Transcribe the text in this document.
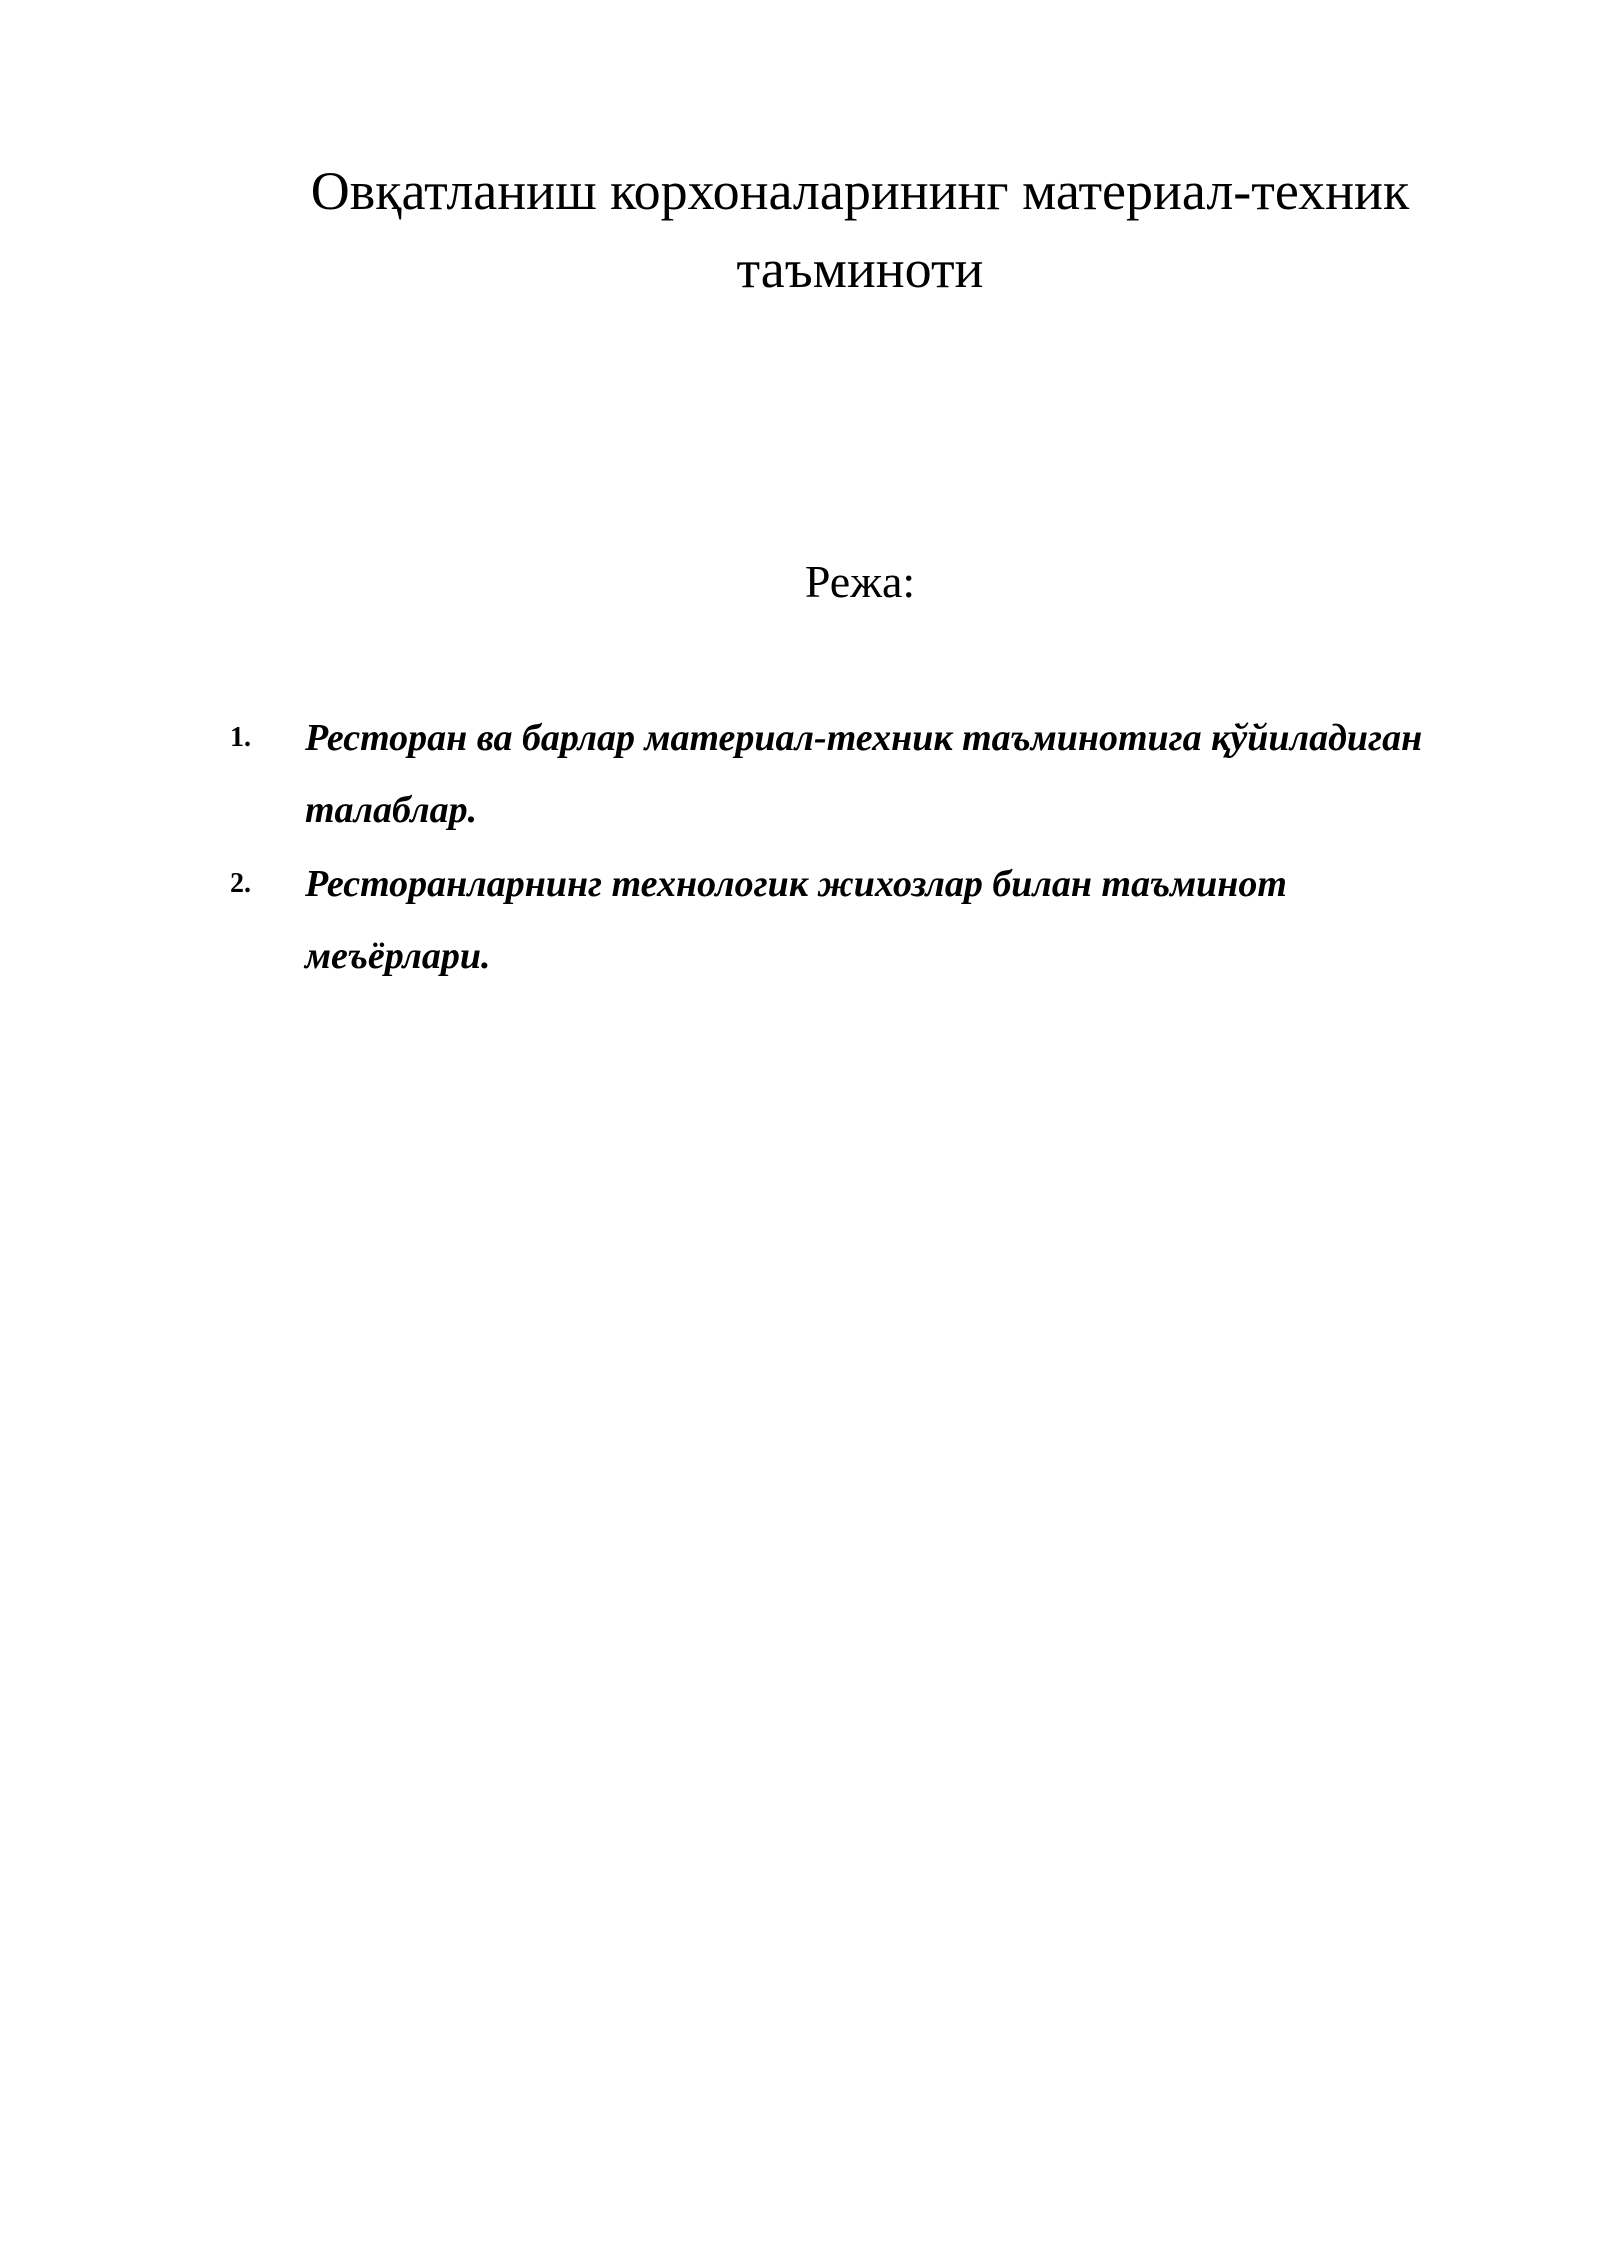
Овқатланиш корхоналарининг материал-техник
таъминоти
Режа:
1. Ресторан ва барлар материал-техник таъминотига қўйиладиган талаблар.
2. Ресторанларнинг технологик жихозлар билан таъминот меъёрлари.
